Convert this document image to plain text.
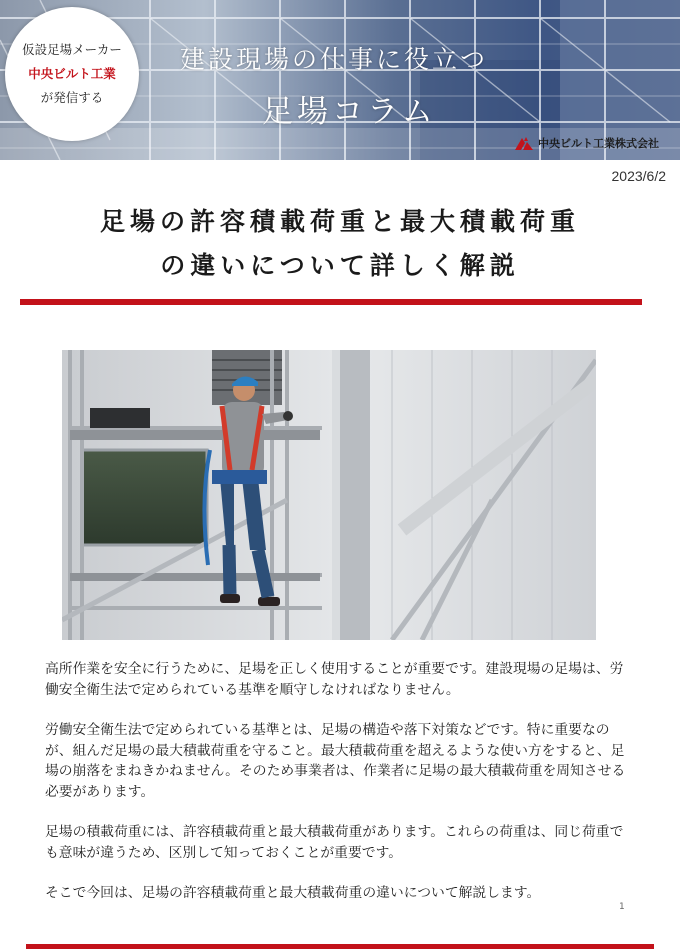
仮設足場メーカー
中央ビルト工業
が発信する
建設現場の仕事に役立つ
足場コラム
中央ビルト工業株式会社
2023/6/2
足場の許容積載荷重と最大積載荷重
の違いについて詳しく解説

高所作業を安全に行うために、足場を正しく使用することが重要です。建設現場の足場は、労働安全衛生法で定められている基準を順守しなければなりません。

労働安全衛生法で定められている基準とは、足場の構造や落下対策などです。特に重要なのが、組んだ足場の最大積載荷重を守ること。最大積載荷重を超えるような使い方をすると、足場の崩落をまねきかねません。そのため事業者は、作業者に足場の最大積載荷重を周知させる必要があります。

足場の積載荷重には、許容積載荷重と最大積載荷重があります。これらの荷重は、同じ荷重でも意味が違うため、区別して知っておくことが重要です。

そこで今回は、足場の許容積載荷重と最大積載荷重の違いについて解説します。

1
